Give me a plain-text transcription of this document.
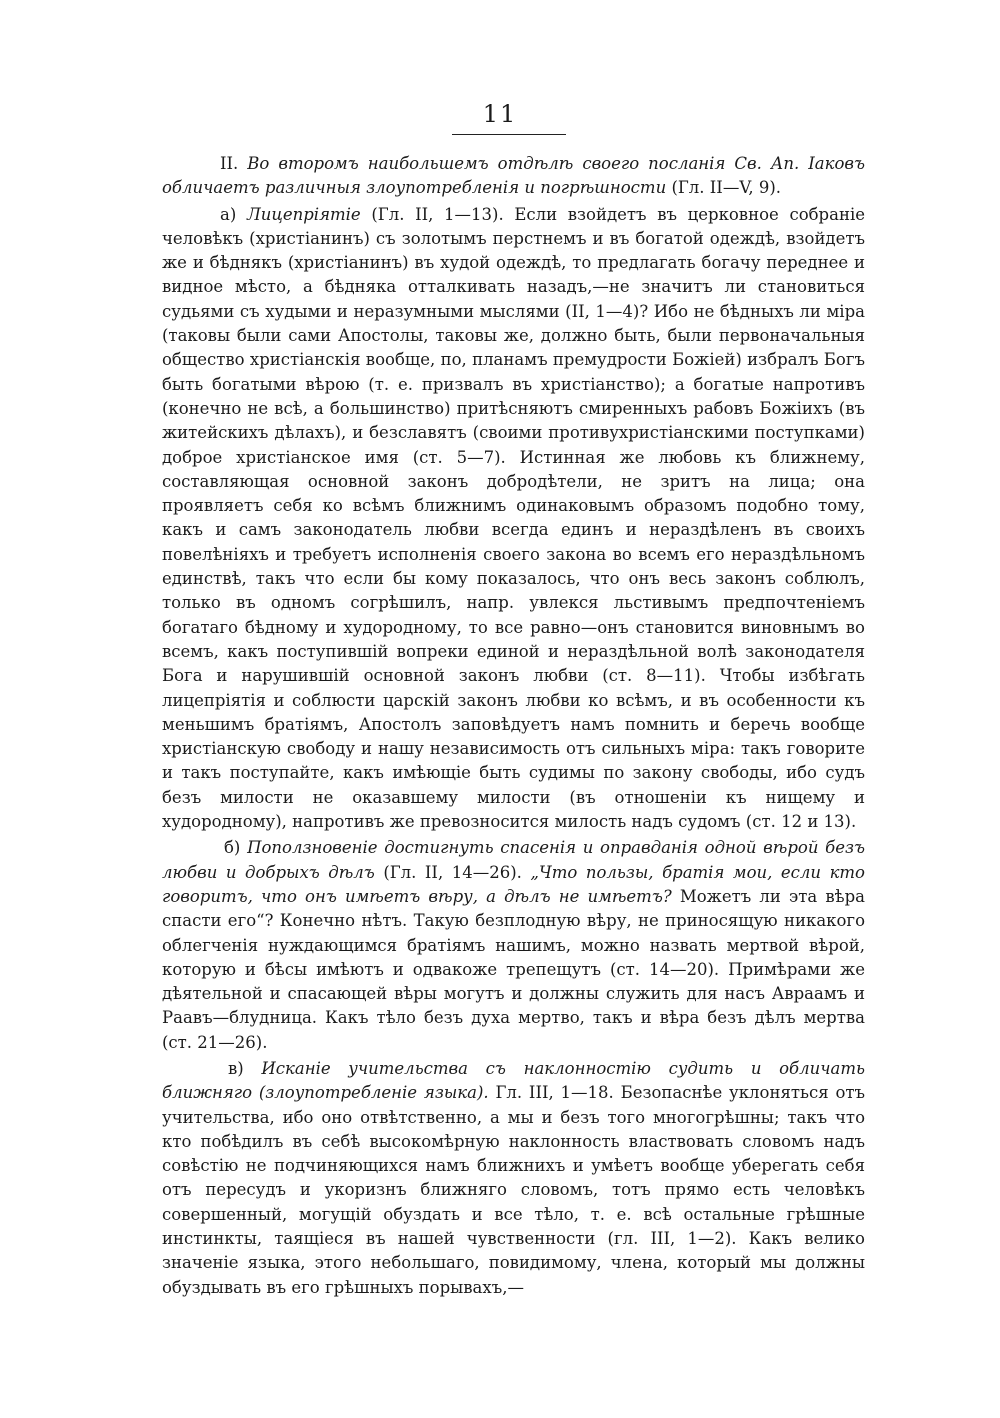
11

II. Во второмъ наибольшемъ отдѣлѣ своего посланія Св. Ап. Іаковъ обличаетъ различныя злоупотребленія и погрѣшности (Гл. II—V, 9).

а) Лицепріятіе (Гл. II, 1—13). Если взойдетъ въ церковное собраніе человѣкъ (христіанинъ) съ золотымъ перстнемъ и въ богатой одеждѣ, взойдетъ же и бѣднякъ (христіанинъ) въ худой одеждѣ, то предлагать богачу переднее и видное мѣсто, а бѣдняка отталкивать назадъ,—не значитъ ли становиться судьями съ худыми и неразумными мыслями (II, 1—4)? Ибо не бѣдныхъ ли міра (таковы были сами Апостолы, таковы же, должно быть, были первоначальныя общество христіанскія вообще, по, планамъ премудрости Божіей) избралъ Богъ быть богатыми вѣрою (т. е. призвалъ въ христіанство); а богатые напротивъ (конечно не всѣ, а большинство) притѣсняютъ смиренныхъ рабовъ Божіихъ (въ житейскихъ дѣлахъ), и безславятъ (своими противухристіанскими поступками) доброе христіанское имя (ст. 5—7). Истинная же любовь къ ближнему, составляющая основной законъ добродѣтели, не зритъ на лица; она проявляетъ себя ко всѣмъ ближнимъ одинаковымъ образомъ подобно тому, какъ и самъ законодатель любви всегда единъ и нераздѣленъ въ своихъ повелѣніяхъ и требуетъ исполненія своего закона во всемъ его нераздѣльномъ единствѣ, такъ что если бы кому показалось, что онъ весь законъ соблюлъ, только въ одномъ согрѣшилъ, напр. увлекся льстивымъ предпочтеніемъ богатаго бѣдному и худородному, то все равно—онъ становится виновнымъ во всемъ, какъ поступившій вопреки единой и нераздѣльной волѣ законодателя Бога и нарушившій основной законъ любви (ст. 8—11). Чтобы избѣгать лицепріятія и соблюсти царскій законъ любви ко всѣмъ, и въ особенности къ меньшимъ братіямъ, Апостолъ заповѣдуетъ намъ помнить и беречь вообще христіанскую свободу и нашу независимость отъ сильныхъ міра: такъ говорите и такъ поступайте, какъ имѣющіе быть судимы по закону свободы, ибо судъ безъ милости не оказавшему милости (въ отношеніи къ нищему и худородному), напротивъ же превозносится милость надъ судомъ (ст. 12 и 13).

б) Поползновеніе достигнуть спасенія и оправданія одной вѣрой безъ любви и добрыхъ дѣлъ (Гл. II, 14—26). „Что пользы, братія мои, если кто говоритъ, что онъ имѣетъ вѣру, а дѣлъ не имѣетъ? Можетъ ли эта вѣра спасти его“? Конечно нѣтъ. Такую безплодную вѣру, не приносящую никакого облегченія нуждающимся братіямъ нашимъ, можно назвать мертвой вѣрой, которую и бѣсы имѣютъ и одвакоже трепещутъ (ст. 14—20). Примѣрами же дѣятельной и спасающей вѣры могутъ и должны служить для насъ Авраамъ и Раавъ—блудница. Какъ тѣло безъ духа мертво, такъ и вѣра безъ дѣлъ мертва (ст. 21—26).

в) Исканіе учительства съ наклонностію судить и обличать ближняго (злоупотребленіе языка). Гл. III, 1—18. Безопаснѣе уклоняться отъ учительства, ибо оно отвѣтственно, а мы и безъ того многогрѣшны; такъ что кто побѣдилъ въ себѣ высокомѣрную наклонность властвовать словомъ надъ совѣстію не подчиняющихся намъ ближнихъ и умѣетъ вообще уберегать себя отъ пересудъ и укоризнъ ближняго словомъ, тотъ прямо есть человѣкъ совершенный, могущій обуздать и все тѣло, т. е. всѣ остальные грѣшные инстинкты, таящіеся въ нашей чувственности (гл. III, 1—2). Какъ велико значеніе языка, этого небольшаго, повидимому, члена, который мы должны обуздывать въ его грѣшныхъ порывахъ,—
